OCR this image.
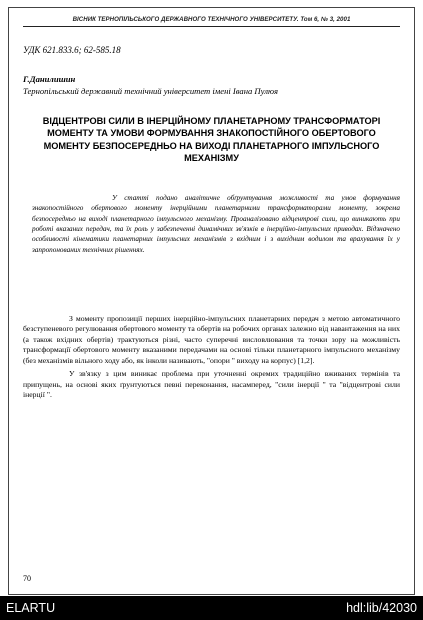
ВІСНИК ТЕРНОПІЛЬСЬКОГО ДЕРЖАВНОГО ТЕХНІЧНОГО УНІВЕРСИТЕТУ. Том 6, № 3, 2001
УДК 621.833.6; 62-585.18
Г.Данилишин
Тернопільський державний технічний університет імені Івана Пулюя
ВІДЦЕНТРОВІ СИЛИ В ІНЕРЦІЙНОМУ ПЛАНЕТАРНОМУ ТРАНСФОРМАТОРІ МОМЕНТУ ТА УМОВИ ФОРМУВАННЯ ЗНАКОПОСТІЙНОГО ОБЕРТОВОГО МОМЕНТУ БЕЗПОСЕРЕДНЬО НА ВИХОДІ ПЛАНЕТАРНОГО ІМПУЛЬСНОГО МЕХАНІЗМУ
У статті подано аналітичне обґрунтування можливості та умов формування знакопостійного обертового моменту інерційними планетарними трансформаторами моменту, зокрема безпосередньо на виході планетарного імпульсного механізму. Проаналізовано відцентрові сили, що виникають при роботі вказаних передач, та їх роль у забезпеченні динамічних зв'язків в інерційно-імпульсних приводах. Відзначено особливості кінематики планетарних імпульсних механізмів з вхідним і з вихідним водилом та врахування їх у запропонованих технічних рішеннях.

З моменту пропозиції перших інерційно-імпульсних планетарних передач з метою автоматичного безступеневого регулювання обертового моменту та обертів на робочих органах залежно від навантаження на них (а також вхідних обертів) трактуються різні, часто суперечні висловлювання та точки зору на можливість трансформації обертового моменту вказаними передачами на основі тільки планетарного імпульсного механізму (без механізмів вільного ходу або, як інколи називають, "опори " виходу на корпус) [1,2].

У зв'язку з цим виникає проблема при уточненні окремих традиційно вживаних термінів та припущень, на основі яких ґрунтуються певні переконання, насамперед, "сили інерції " та "відцентрові сили інерції ".

70
ELARTU	hdl:lib/42030
